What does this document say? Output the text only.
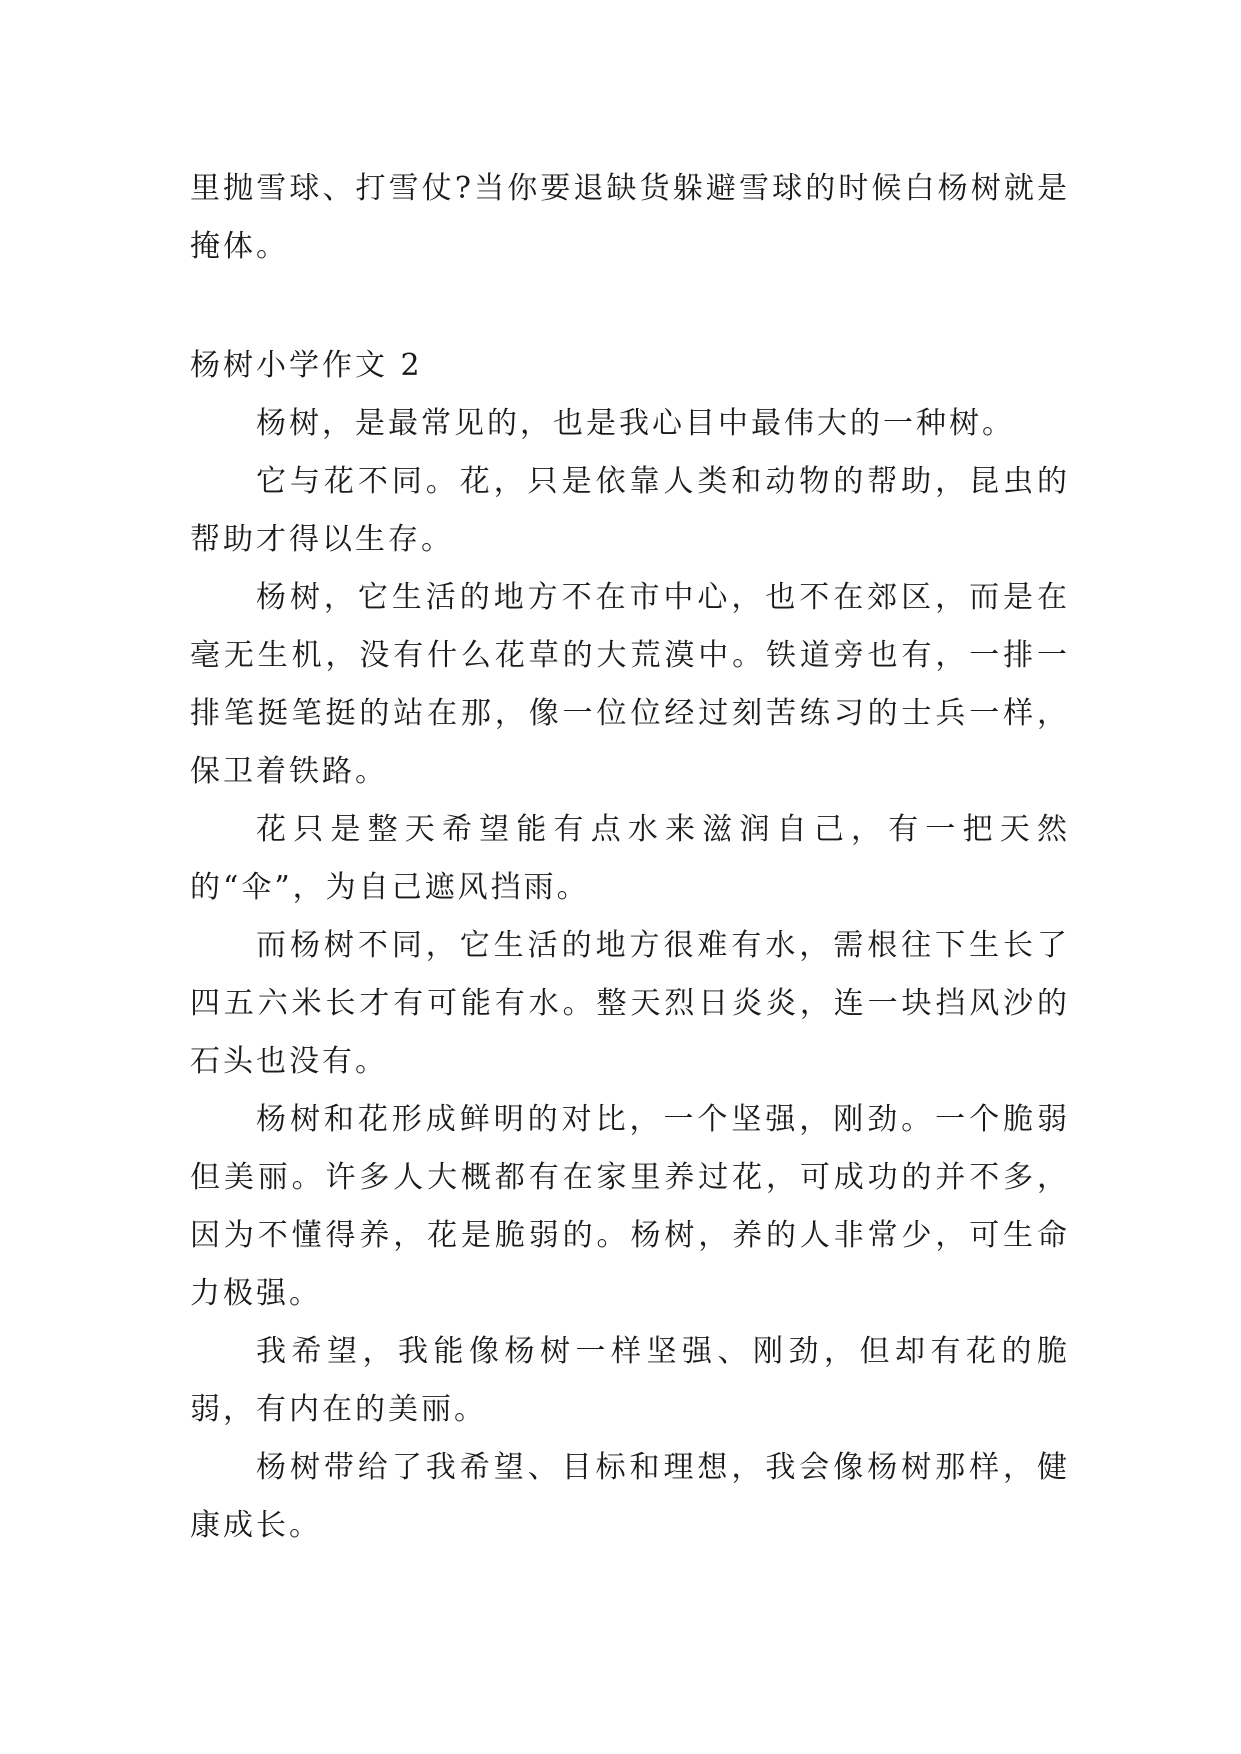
里抛雪球、打雪仗?当你要退缺货躲避雪球的时候白杨树就是掩体。

杨树小学作文 2

杨树，是最常见的，也是我心目中最伟大的一种树。

它与花不同。花，只是依靠人类和动物的帮助，昆虫的帮助才得以生存。

杨树，它生活的地方不在市中心，也不在郊区，而是在毫无生机，没有什么花草的大荒漠中。铁道旁也有，一排一排笔挺笔挺的站在那，像一位位经过刻苦练习的士兵一样，保卫着铁路。

花只是整天希望能有点水来滋润自己，有一把天然的“伞”，为自己遮风挡雨。

而杨树不同，它生活的地方很难有水，需根往下生长了四五六米长才有可能有水。整天烈日炎炎，连一块挡风沙的石头也没有。

杨树和花形成鲜明的对比，一个坚强，刚劲。一个脆弱但美丽。许多人大概都有在家里养过花，可成功的并不多，因为不懂得养，花是脆弱的。杨树，养的人非常少，可生命力极强。

我希望，我能像杨树一样坚强、刚劲，但却有花的脆弱，有内在的美丽。

杨树带给了我希望、目标和理想，我会像杨树那样，健康成长。
